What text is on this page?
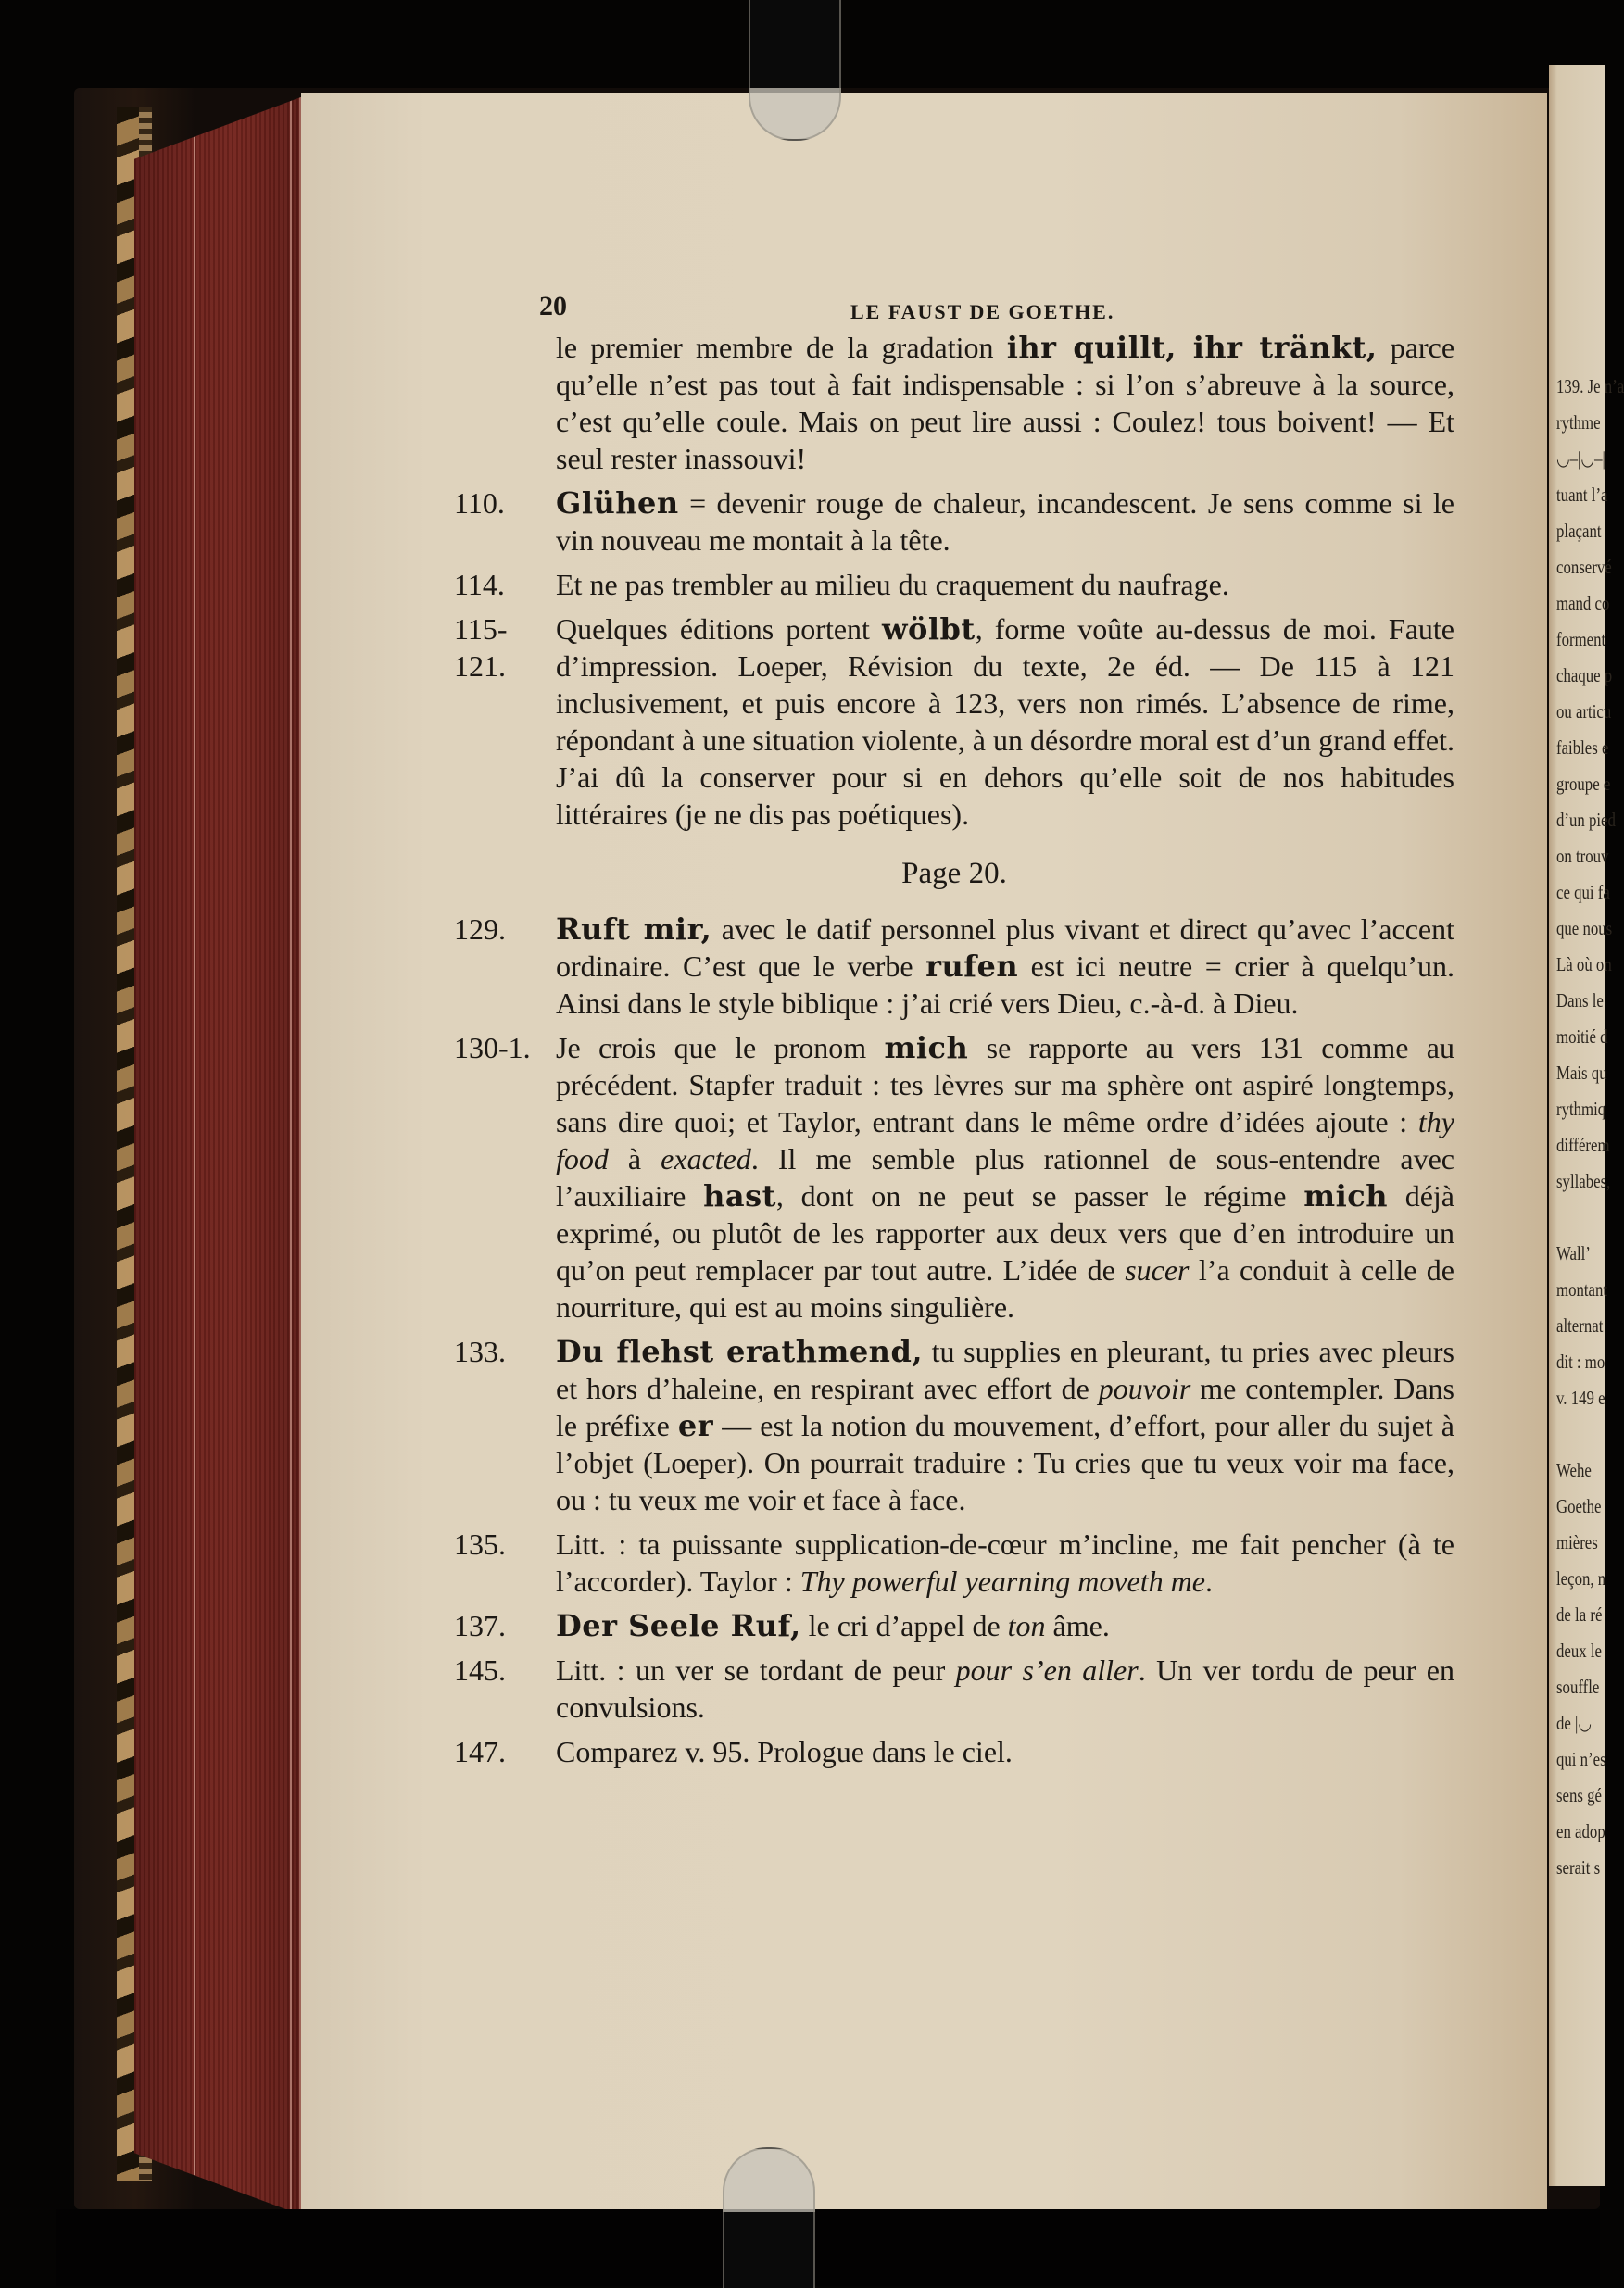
139. Je n’a
rythme
◡–|◡–|
tuant l’a
plaçant
conservé
mand co
forment
chaque p
ou articu
faibles e
groupe e
d’un pied
on trouv
ce qui fa
que nous
Là où on
Dans le
moitié d
Mais qu
rythmiq
différem
syllabes,
Wall’
montant
alternat
dit : mo
v. 149 e
Wehe
Goethe
mières
leçon, n
de la ré
deux le
souffle
de |◡
qui n’es
sens gé
en adop
serait s
20	LE FAUST DE GOETHE.

le premier membre de la gradation ihr quillt, ihr tränkt, parce qu’elle n’est pas tout à fait indispensable : si l’on s’abreuve à la source, c’est qu’elle coule. Mais on peut lire aussi : Coulez! tous boivent! — Et seul rester inassouvi!

110.	Glühen = devenir rouge de chaleur, incandescent. Je sens comme si le vin nouveau me montait à la tête.
114.	Et ne pas trembler au milieu du craquement du naufrage.
115-121.
Quelques éditions portent wölbt, forme voûte au-dessus de moi. Faute d’impression. Loeper, Révision du texte, 2e éd. — De 115 à 121 inclusivement, et puis encore à 123, vers non rimés. L’absence de rime, répondant à une situation violente, à un désordre moral est d’un grand effet. J’ai dû la conserver pour si en dehors qu’elle soit de nos habitudes littéraires (je ne dis pas poétiques).
Page 20.
129.	Ruft mir, avec le datif personnel plus vivant et direct qu’avec l’accent ordinaire. C’est que le verbe rufen est ici neutre = crier à quelqu’un. Ainsi dans le style biblique : j’ai crié vers Dieu, c.-à-d. à Dieu.
130-1. Je crois que le pronom mich se rapporte au vers 131 comme au précédent. Stapfer traduit : tes lèvres sur ma sphère ont aspiré longtemps, sans dire quoi; et Taylor, entrant dans le même ordre d’idées ajoute : thy food à exacted. Il me semble plus rationnel de sous-entendre avec l’auxiliaire hast, dont on ne peut se passer le régime mich déjà exprimé, ou plutôt de les rapporter aux deux vers que d’en introduire un qu’on peut remplacer par tout autre. L’idée de sucer l’a conduit à celle de nourriture, qui est au moins singulière.
133.	Du flehst erathmend, tu supplies en pleurant, tu pries avec pleurs et hors d’haleine, en respirant avec effort de pouvoir me contempler. Dans le préfixe er — est la notion du mouvement, d’effort, pour aller du sujet à l’objet (Loeper). On pourrait traduire : Tu cries que tu veux voir ma face, ou : tu veux me voir et face à face.
135.	Litt. : ta puissante supplication-de-cœur m’incline, me fait pencher (à te l’accorder). Taylor : Thy powerful yearning moveth me.
137.	Der Seele Ruf, le cri d’appel de ton âme.
145.	Litt. : un ver se tordant de peur pour s’en aller. Un ver tordu de peur en convulsions.
147.	Comparez v. 95. Prologue dans le ciel.
